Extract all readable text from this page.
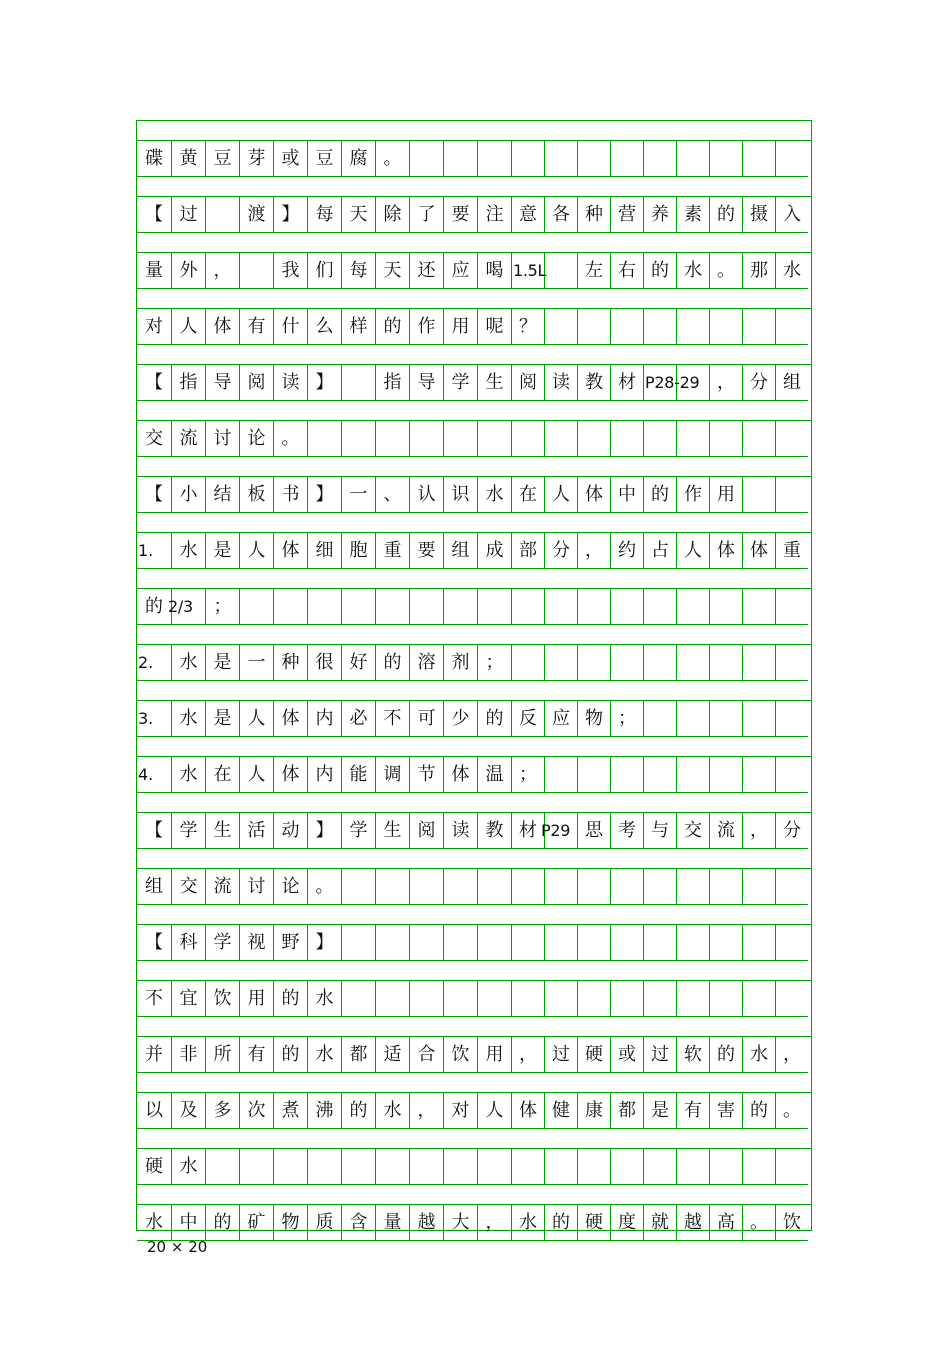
碟 黄 豆 芽 或 豆 腐 。
【 过	渡 】 每 天 除 了 要 注 意 各 种 营 养 素 的 摄 入
量 外 ，	我 们 每 天 还 应 喝 1.5L	左 右 的 水 。 那 水
对 人 体 有 什 么 样 的 作 用 呢 ？
【 指 导 阅 读 】	指 导 学 生 阅 读 教 材 P28-29 ， 分 组
交 流 讨 论 。
【 小 结 板 书 】 一 、 认 识 水 在 人 体 中 的 作 用
1.	水 是 人 体 细 胞 重 要 组 成 部 分 ， 约 占 人 体 体 重
的 2/3	；
2.	水 是 一 种 很 好 的 溶 剂 ；
3.	水 是 人 体 内 必 不 可 少 的 反 应 物 ；
4.	水 在 人 体 内 能 调 节 体 温 ；
【 学 生 活 动 】 学 生 阅 读 教 材 P29 思 考 与 交 流 ， 分
组 交 流 讨 论 。
【 科 学 视 野 】
不 宜 饮 用 的 水
并 非 所 有 的 水 都 适 合 饮 用 ， 过 硬 或 过 软 的 水 ，
以 及 多 次 煮 沸 的 水 ， 对 人 体 健 康 都 是 有 害 的 。
硬 水
水 中 的 矿 物 质 含 量 越 大 ， 水 的 硬 度 就 越 高 。 饮
20 × 20
